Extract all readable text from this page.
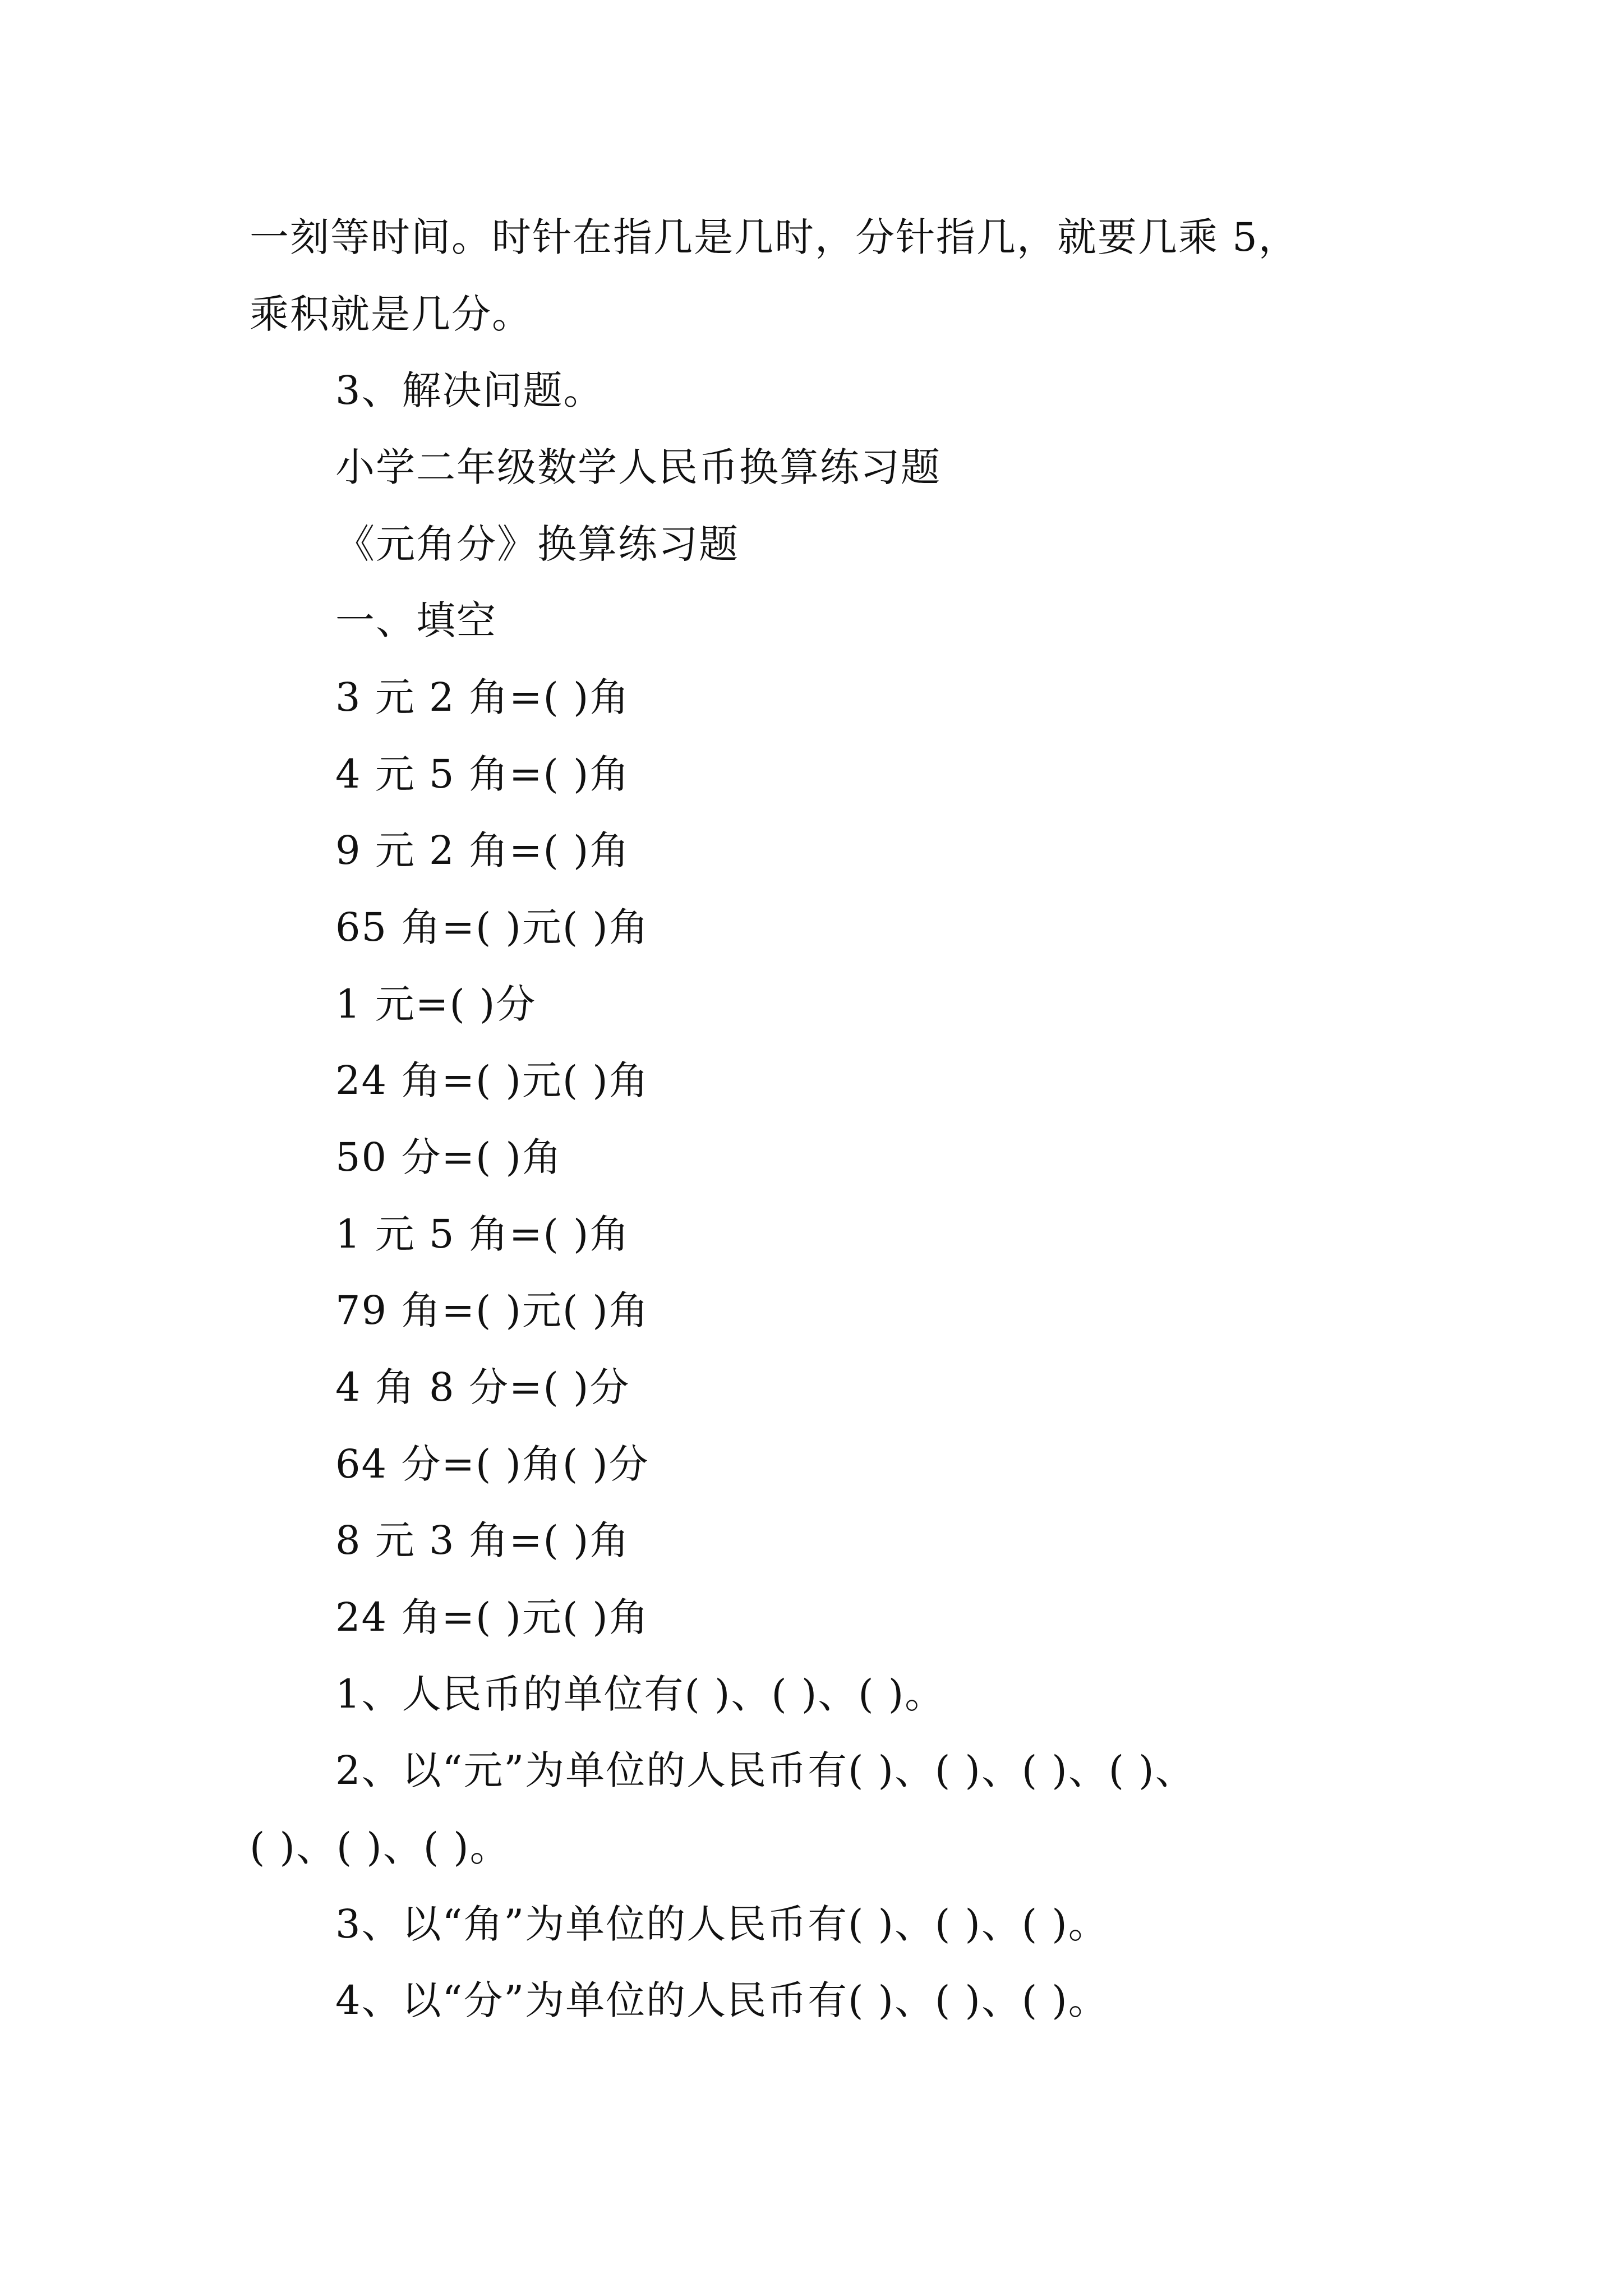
一刻等时间。时针在指几是几时，分针指几，就要几乘 5，
乘积就是几分。
3、解决问题。
小学二年级数学人民币换算练习题
《元角分》换算练习题
一、填空
3 元 2 角=( )角
4 元 5 角=( )角
9 元 2 角=( )角
65 角=( )元( )角
1 元=( )分
24 角=( )元( )角
50 分=( )角
1 元 5 角=( )角
79 角=( )元( )角
4 角 8 分=( )分
64 分=( )角( )分
8 元 3 角=( )角
24 角=( )元( )角
1、人民币的单位有( )、( )、( )。
2、以“元”为单位的人民币有( )、( )、( )、( )、
( )、( )、( )。
3、以“角”为单位的人民币有( )、( )、( )。
4、以“分”为单位的人民币有( )、( )、( )。
